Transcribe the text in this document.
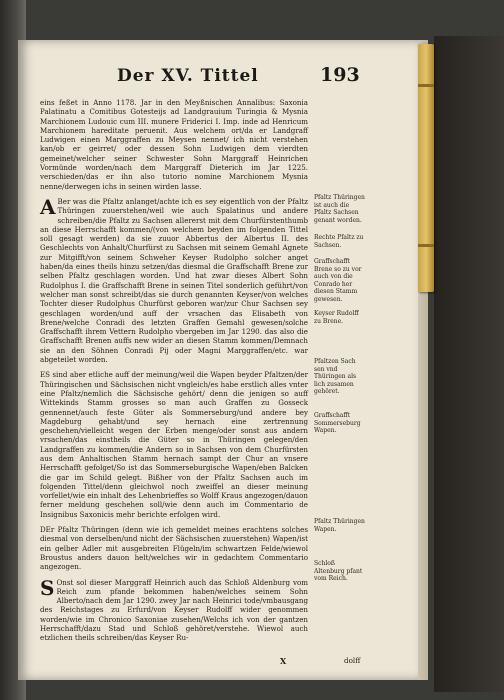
Der XV. Tittel	193

eins feßet in Anno 1178. Jar in den Meyßnischen Annalibus: Saxonia Palatinatu a Comitibus Gotesteijs ad Landgrauium Turingia & Mysnia Marchionem Ludouic cum III. munere Friderici I. Imp. inde ad Henricum Marchionem hareditate peruenit. Aus welchem ort/da er Landgraff Ludwigen einen Marggraffen zu Meysen nennet/ ich nicht verstehen kan/ob er geirret/ oder dessen Sohn Ludwigen dem vierdten gemeinet/welcher seiner Schwester Sohn Marggraff Heinrichen Vormünde worden/nach dem Marggraff Dieterich im Jar 1225. verschieden/das er ihn also tutorio nomine Marchionem Mysnia nenne/derwegen ichs in seinen wirden lasse.

A Ber was die Pfaltz anlanget/achte ich es sey eigentlich von der Pfaltz Thüringen zuuerstehen/weil wie auch Spalatinus und andere schreiben/die Pfaltz zu Sachsen allererst mit dem Churfürstenthumb an diese Herrschafft kommen/(von welchem beyden im folgenden Tittel soll gesagt werden) da sie zuuor Abbertus der Albertus II. des Geschlechts von Anhalt/Churfürst zu Sachsen mit seinem Gemahl Agnete zur Mitgifft/von seinem Schweher Keyser Rudolpho solcher anget haben/da eines theils hinzu setzen/das diesmal die Graffschafft Brene zur selben Pfaltz geschlagen worden. Und hat zwar dieses Albert Sohn Rudolphus I. die Graffschafft Brene in seinen Titel sonderlich geführt/von welcher man sonst schreibt/das sie durch genannten Keyser/von welches Tochter dieser Rudolphus Churfürst geboren war/zur Chur Sachsen sey geschlagen worden/und auff der vrsachen das Elisabeth von Brene/welche Conradi des letzten Graffen Gemahl gewesen/solche Graffschafft ihrem Vettern Rudolpho vbergeben im Jar 1290. das also die Graffschafft Brenen auffs new wider an diesen Stamm kommen/Demnach sie an den Söhnen Conradi Pij oder Magni Marggraffen/etc. war abgeteilet worden.

ES sind aber etliche auff der meinung/weil die Wapen beyder Pfaltzen/der Thüringischen und Sächsischen nicht vngleich/es habe erstlich alles vnter eine Pfaltz/nemlich die Sächsische gehört/ denn die jenigen so auff Wittekinds Stamm grosses so man auch Graffen zu Gosseck gennennet/auch feste Güter als Sommerseburg/und andere bey Magdeburg gehabt/und sey hernach eine zertrennung geschehen/vielleicht wegen der Erben menge/oder sonst aus andern vrsachen/das einstheils die Güter so in Thüringen gelegen/den Landgraffen zu kommen/die Andern so in Sachsen von dem Churfürsten aus dem Anhaltischen Stamm hernach sampt der Chur an vnsere Herrschafft gefolget/So ist das Sommerseburgische Wapen/eben Balcken die gar im Schild gelegt. Bißher von der Pfaltz Sachsen auch im folgenden Tittel/denn gleichwol noch zweiffel an dieser meinung vorfellet/wie ein inhalt des Lehenbrieffes so Wolff Kraus angezogen/dauon ferner meldung geschehen soll/wie denn auch im Commentario de Insignibus Saxonicis mehr berichte erfolgen wird.

DEr Pfaltz Thüringen (denn wie ich gemeldet meines erachtens solches diesmal von derselben/und nicht der Sächsischen zuuerstehen) Wapen/ist ein gelber Adler mit ausgebreiten Flügeln/im schwartzen Felde/wiewol Broustus anders dauon helt/welches wir in gedachtem Commentario angezogen.

S Onst sol dieser Marggraff Heinrich auch das Schloß Aldenburg vom Reich zum pfande bekommen haben/welches seinem Sohn Alberto/nach dem Jar 1290. zwey Jar nach Heinrici tode/vmbausgang des Reichstages zu Erfurd/von Keyser Rudolff wider genommen worden/wie im Chronico Saxoniae zusehen/Welchs ich von der gantzen Herrschafft/dazu Stad und Schloß gehöret/verstehe. Wiewol auch etzlichen theils schreiben/das Keyser Ru-

Pfaltz Thüringen ist auch die Pfaltz Sachsen genant worden.
Rechte Pfaltz zu Sachsen.
Graffschafft Brene so zu vor auch von die Conrado her diesen Stamm gewesen.
Keyser Rudolff zu Brene.
Pfaltzen Sach sen vnd Thüringen als lich zusamen gehöret.
Graffschafft Sommerseburg Wapen.
Pfaltz Thüringen Wapen.
Schloß Altenburg pfant vom Reich.
X	dolff
